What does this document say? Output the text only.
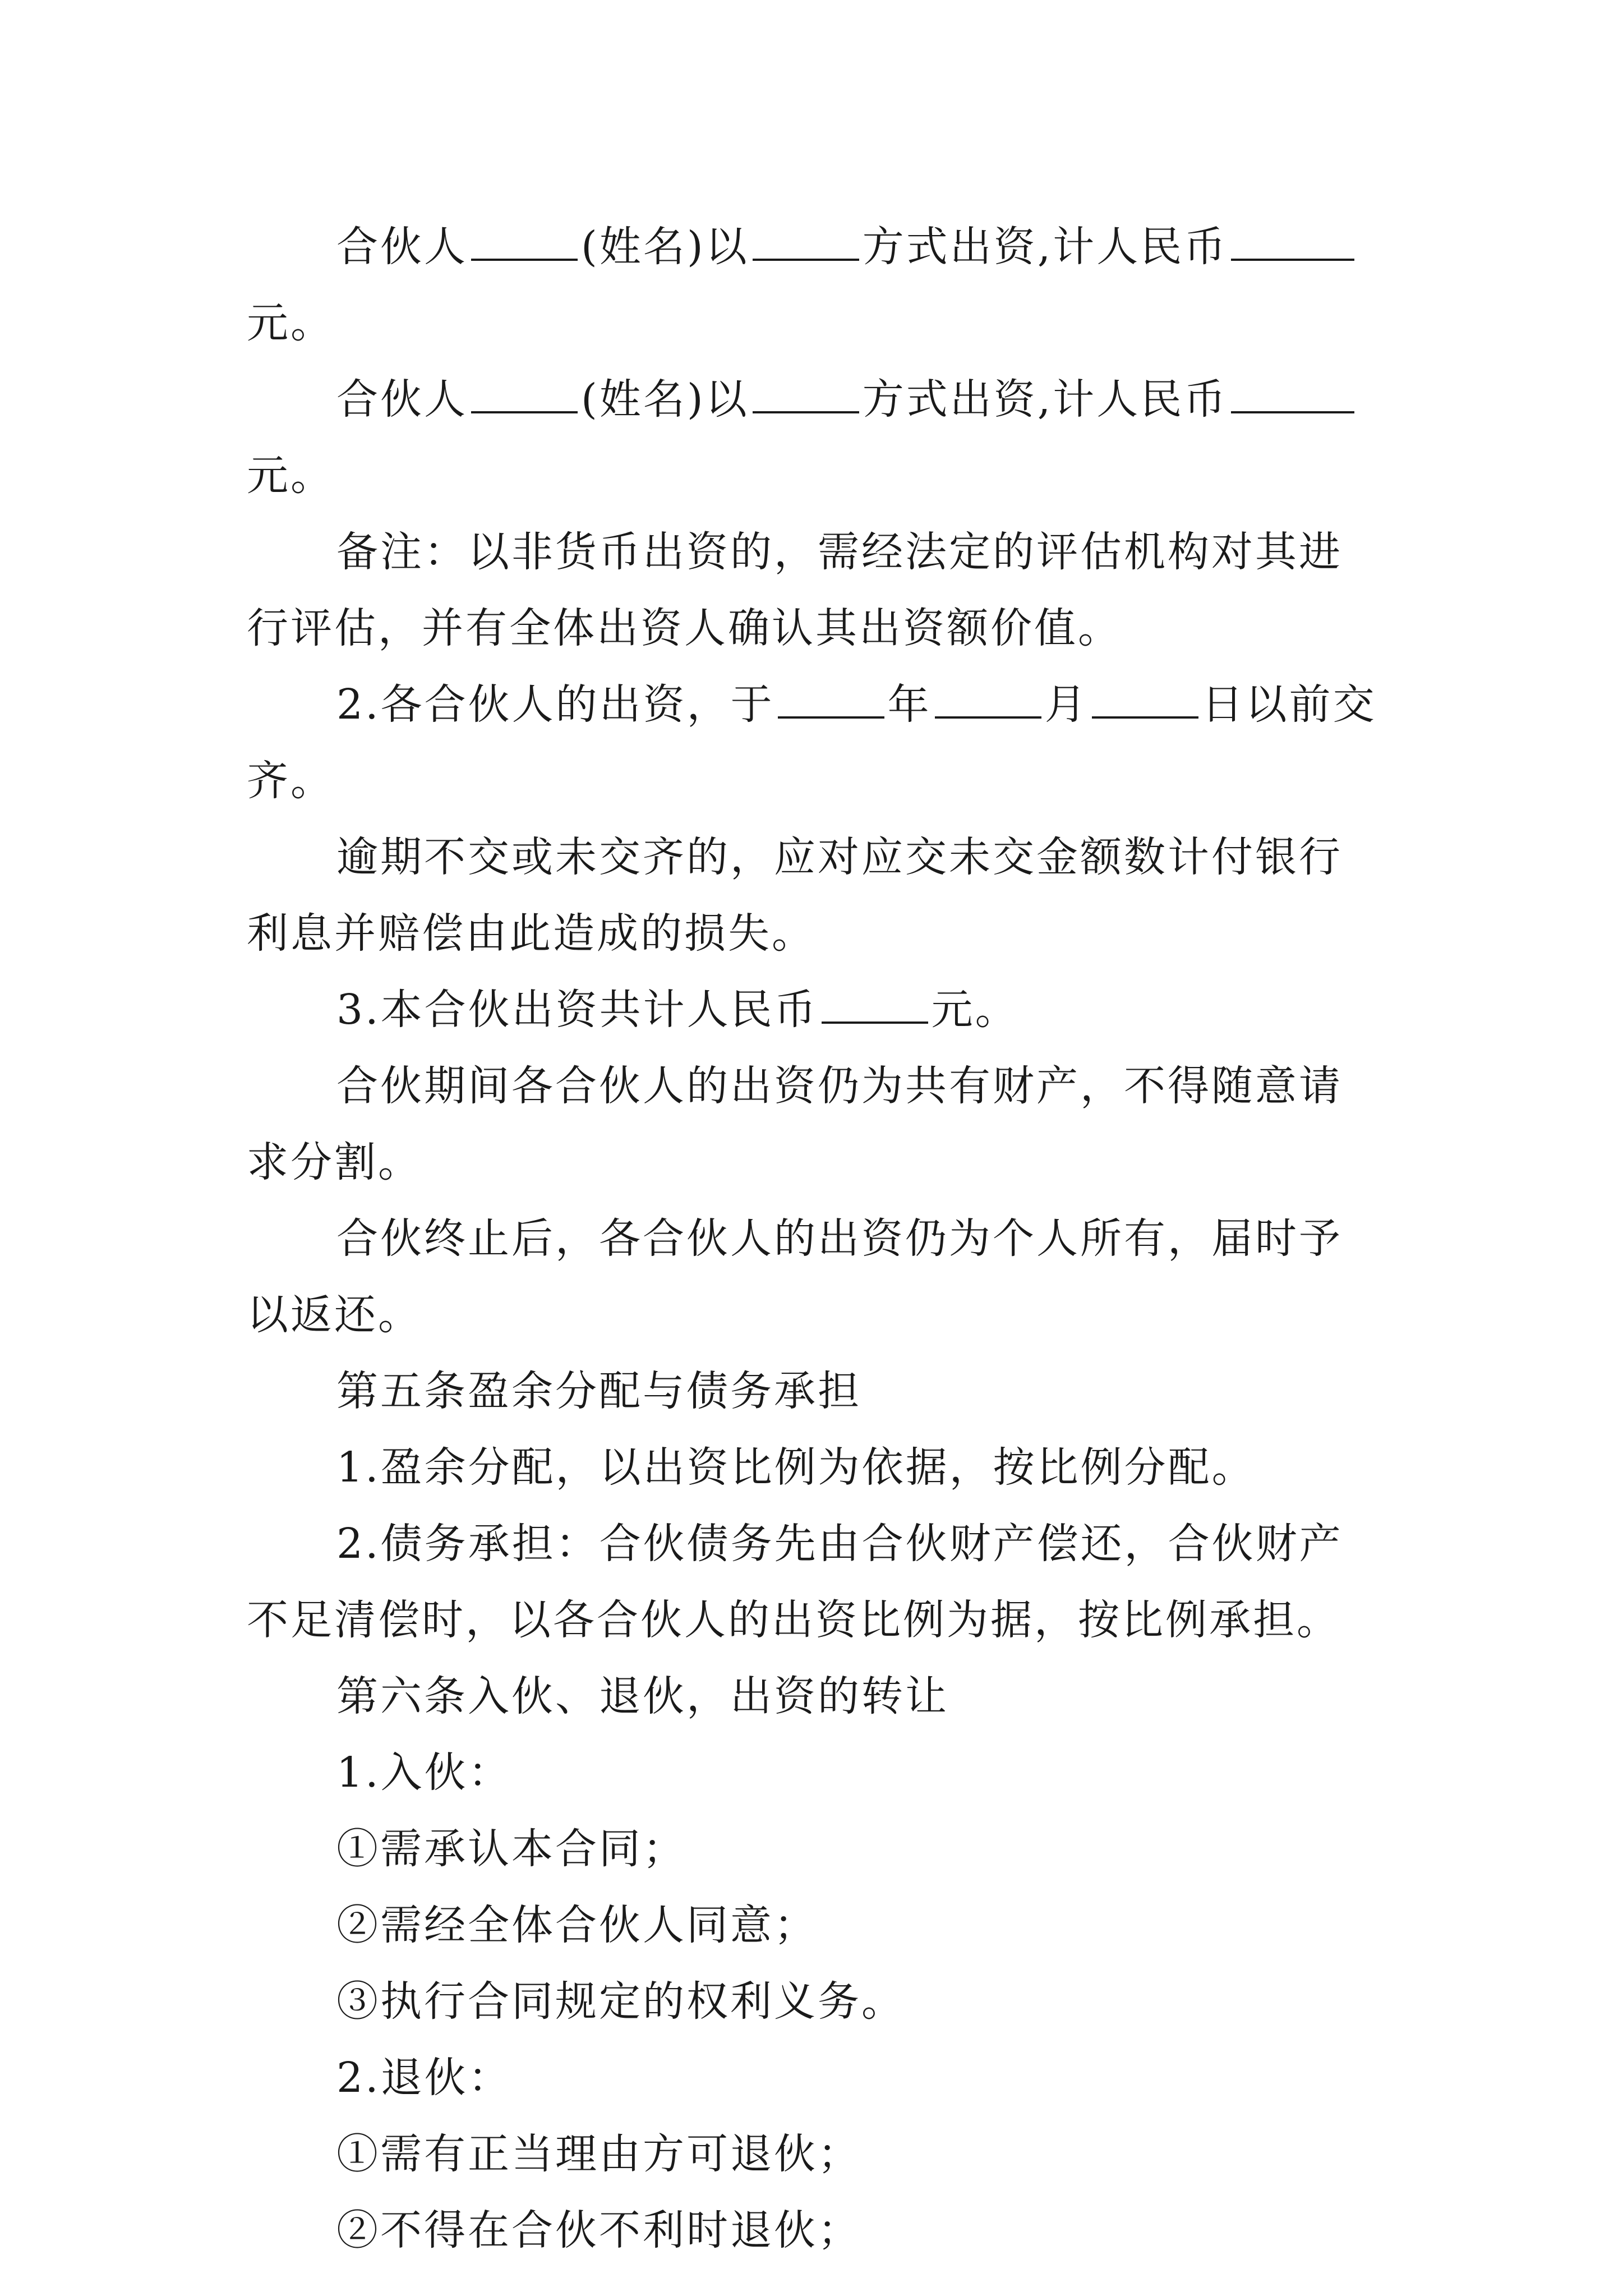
合伙人	(姓名)以	方式出资,计人民币元。

合伙人	(姓名)以	方式出资,计人民币元。

备注：以非货币出资的，需经法定的评估机构对其进行评估，并有全体出资人确认其出资额价值。

2.各合伙人的出资，于	年	月	日以前交齐。

逾期不交或未交齐的，应对应交未交金额数计付银行利息并赔偿由此造成的损失。

3.本合伙出资共计人民币	元。

合伙期间各合伙人的出资仍为共有财产，不得随意请求分割。

合伙终止后，各合伙人的出资仍为个人所有，届时予以返还。

第五条盈余分配与债务承担

1.盈余分配，以出资比例为依据，按比例分配。

2.债务承担：合伙债务先由合伙财产偿还，合伙财产不足清偿时，以各合伙人的出资比例为据，按比例承担。

第六条入伙、退伙，出资的转让

1.入伙：

①需承认本合同；

②需经全体合伙人同意；

③执行合同规定的权利义务。

2.退伙：

①需有正当理由方可退伙；

②不得在合伙不利时退伙；
